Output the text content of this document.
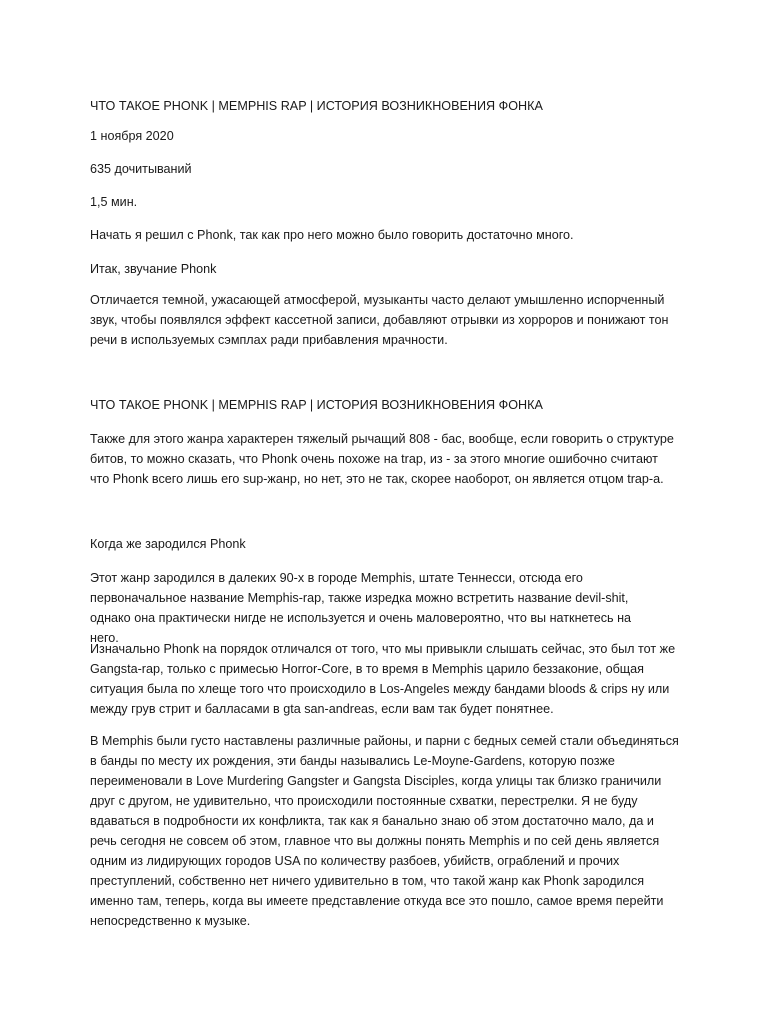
ЧТО ТАКОЕ PHONK | MEMPHIS RAP | ИСТОРИЯ ВОЗНИКНОВЕНИЯ ФОНКА

1 ноября 2020

635 дочитываний

1,5 мин.

Начать я решил с Phonk, так как про него можно было говорить достаточно много.

Итак, звучание Phonk

Отличается темной, ужасающей атмосферой, музыканты часто делают умышленно испорченный звук, чтобы появлялся эффект кассетной записи, добавляют отрывки из хорроров и понижают тон речи в используемых сэмплах ради прибавления мрачности.

ЧТО ТАКОЕ PHONK | MEMPHIS RAP | ИСТОРИЯ ВОЗНИКНОВЕНИЯ ФОНКА

Также для этого жанра характерен тяжелый рычащий 808 - бас, вообще, если говорить о структуре битов, то можно сказать, что Phonk очень похоже на trap, из - за этого многие ошибочно считают что Phonk всего лишь его sup-жанр, но нет, это не так, скорее наоборот, он является отцом trap-а.

Когда же зародился Phonk

Этот жанр зародился в далеких 90-х в городе Memphis, штате Теннесси, отсюда его первоначальное название Memphis-rap, также изредка можно встретить название devil-shit, однако она практически нигде не используется и очень маловероятно, что вы наткнетесь на него.

Изначально Phonk на порядок отличался от того, что мы привыкли слышать сейчас, это был тот же Gangsta-rap, только с примесью Horror-Core, в то время в Memphis царило беззаконие, общая ситуация была по хлеще того что происходило в Los-Angeles между бандами bloods & crips ну или между грув стрит и балласами в gta san-andreas, если вам так будет понятнее.

В Memphis были густо наставлены различные районы, и парни с бедных семей стали объединяться в банды по месту их рождения, эти банды назывались Le-Moyne-Gardens, которую позже переименовали в Love Murdering Gangster и Gangsta Disciples, когда улицы так близко граничили друг с другом, не удивительно, что происходили постоянные схватки, перестрелки. Я не буду вдаваться в подробности их конфликта, так как я банально знаю об этом достаточно мало, да и речь сегодня не совсем об этом, главное что вы должны понять Memphis и по сей день является одним из лидирующих городов USA по количеству разбоев, убийств, ограблений и прочих преступлений, собственно нет ничего удивительно в том, что такой жанр как Phonk зародился именно там, теперь, когда вы имеете представление откуда все это пошло, самое время перейти непосредственно к музыке.
